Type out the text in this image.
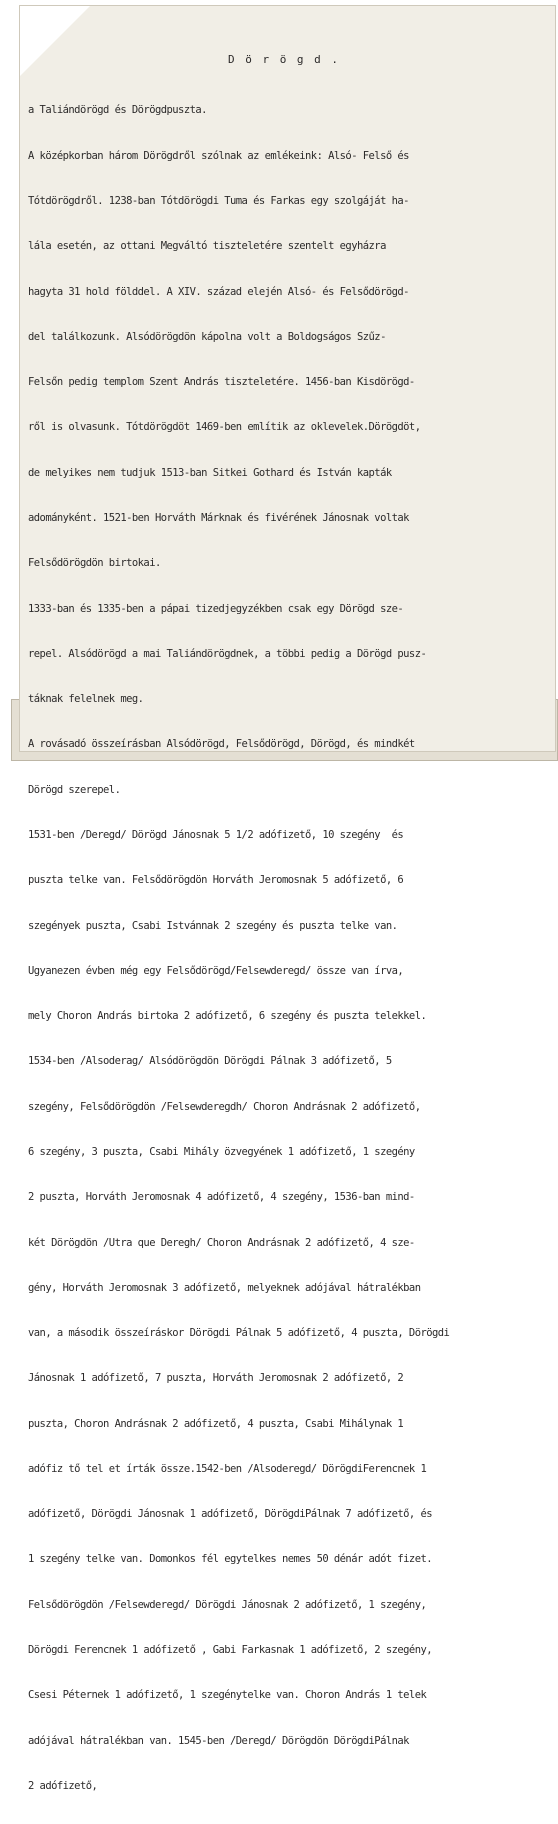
D ö r ö g d .

a Taliándörögd és Dörögdpuszta.

A középkorban három Dörögdről szólnak az emlékeink: Alsó- Felső és

Tótdörögdről. 1238-ban Tótdörögdi Tuma és Farkas egy szolgáját ha-

lála esetén, az ottani Megváltó tiszteletére szentelt egyházra

hagyta 31 hold földdel. A XIV. század elején Alsó- és Felsődörögd-

del találkozunk. Alsódörögdön kápolna volt a Boldogságos Szűz-

Felsőn pedig templom Szent András tiszteletére. 1456-ban Kisdörögd-

ről is olvasunk. Tótdörögdöt 1469-ben említik az oklevelek.Dörögdöt,

de melyikes nem tudjuk 1513-ban Sitkei Gothard és István kapták

adományként. 1521-ben Horváth Márknak és fivérének Jánosnak voltak

Felsődörögdön birtokai.

1333-ban és 1335-ben a pápai tizedjegyzékben csak egy Dörögd sze-

repel. Alsódörögd a mai Taliándörögdnek, a többi pedig a Dörögd pusz-

táknak felelnek meg.

A rovásadó összeírásban Alsódörögd, Felsődörögd, Dörögd, és mindkét

Dörögd szerepel.

1531-ben /Deregd/ Dörögd Jánosnak 5 1/2 adófizető, 10 szegény  és

puszta telke van. Felsődörögdön Horváth Jeromosnak 5 adófizető, 6

szegények puszta, Csabi Istvánnak 2 szegény és puszta telke van.

Ugyanezen évben még egy Felsődörögd/Felsewderegd/ össze van írva,

mely Choron András birtoka 2 adófizető, 6 szegény és puszta telekkel.

1534-ben /Alsoderag/ Alsódörögdön Dörögdi Pálnak 3 adófizető, 5

szegény, Felsődörögdön /Felsewderegdh/ Choron Andrásnak 2 adófizető,

6 szegény, 3 puszta, Csabi Mihály özvegyének 1 adófizető, 1 szegény

2 puszta, Horváth Jeromosnak 4 adófizető, 4 szegény, 1536-ban mind-

két Dörögdön /Utra que Deregh/ Choron Andrásnak 2 adófizető, 4 sze-

gény, Horváth Jeromosnak 3 adófizető, melyeknek adójával hátralékban

van, a második összeíráskor Dörögdi Pálnak 5 adófizető, 4 puszta, Dörögdi

Jánosnak 1 adófizető, 7 puszta, Horváth Jeromosnak 2 adófizető, 2

puszta, Choron Andrásnak 2 adófizető, 4 puszta, Csabi Mihálynak 1

adófiz tő tel et írták össze.1542-ben /Alsoderegd/ DörögdiFerencnek 1

adófizető, Dörögdi Jánosnak 1 adófizető, DörögdiPálnak 7 adófizető, és

1 szegény telke van. Domonkos fél egytelkes nemes 50 dénár adót fizet.

Felsődörögdön /Felsewderegd/ Dörögdi Jánosnak 2 adófizető, 1 szegény,

Dörögdi Ferencnek 1 adófizető , Gabi Farkasnak 1 adófizető, 2 szegény,

Csesi Péternek 1 adófizető, 1 szegénytelke van. Choron András 1 telek

adójával hátralékban van. 1545-ben /Deregd/ Dörögdön DörögdiPálnak

2 adófizető,
